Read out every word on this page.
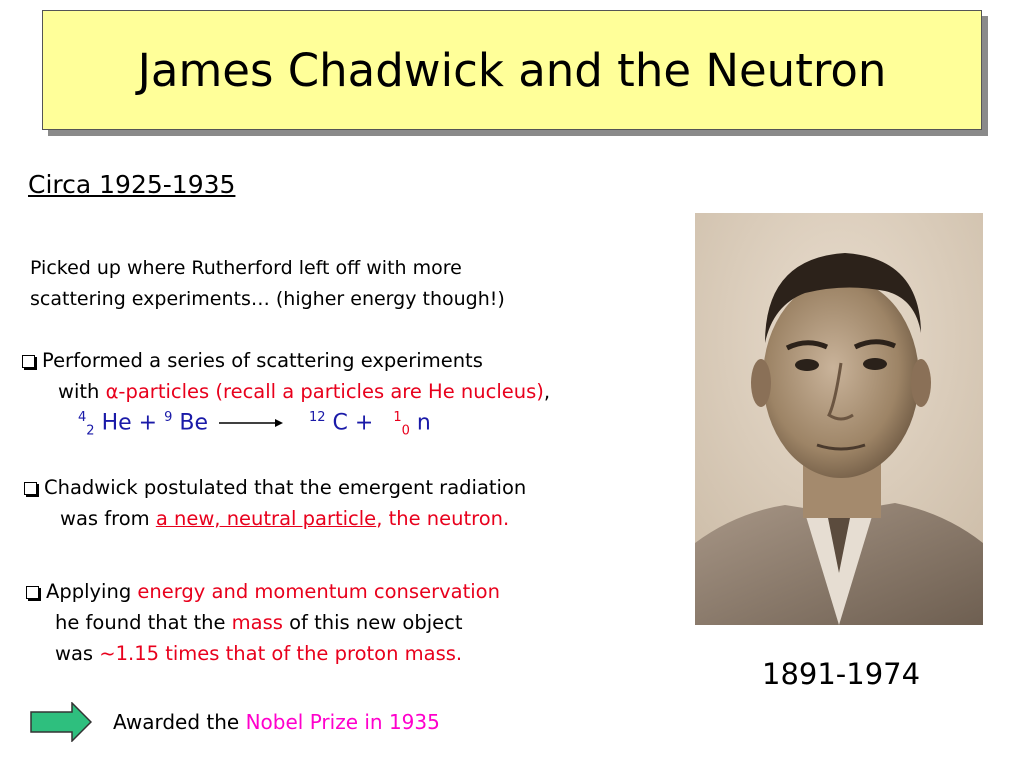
James Chadwick and the Neutron
Circa 1925-1935
Picked up where Rutherford left off with more
scattering experiments… (higher energy though!)
Performed a series of scattering experiments
with α-particles (recall a particles are He nucleus),
$^4_2$ He + $^9$ Be → $^{12}$ C + $^1_0$ n
Chadwick postulated that the emergent radiation
was from a new, neutral particle, the neutron.
Applying energy and momentum conservation
he found that the mass of this new object
was ~1.15 times that of the proton mass.
1891-1974
Awarded the Nobel Prize in 1935
